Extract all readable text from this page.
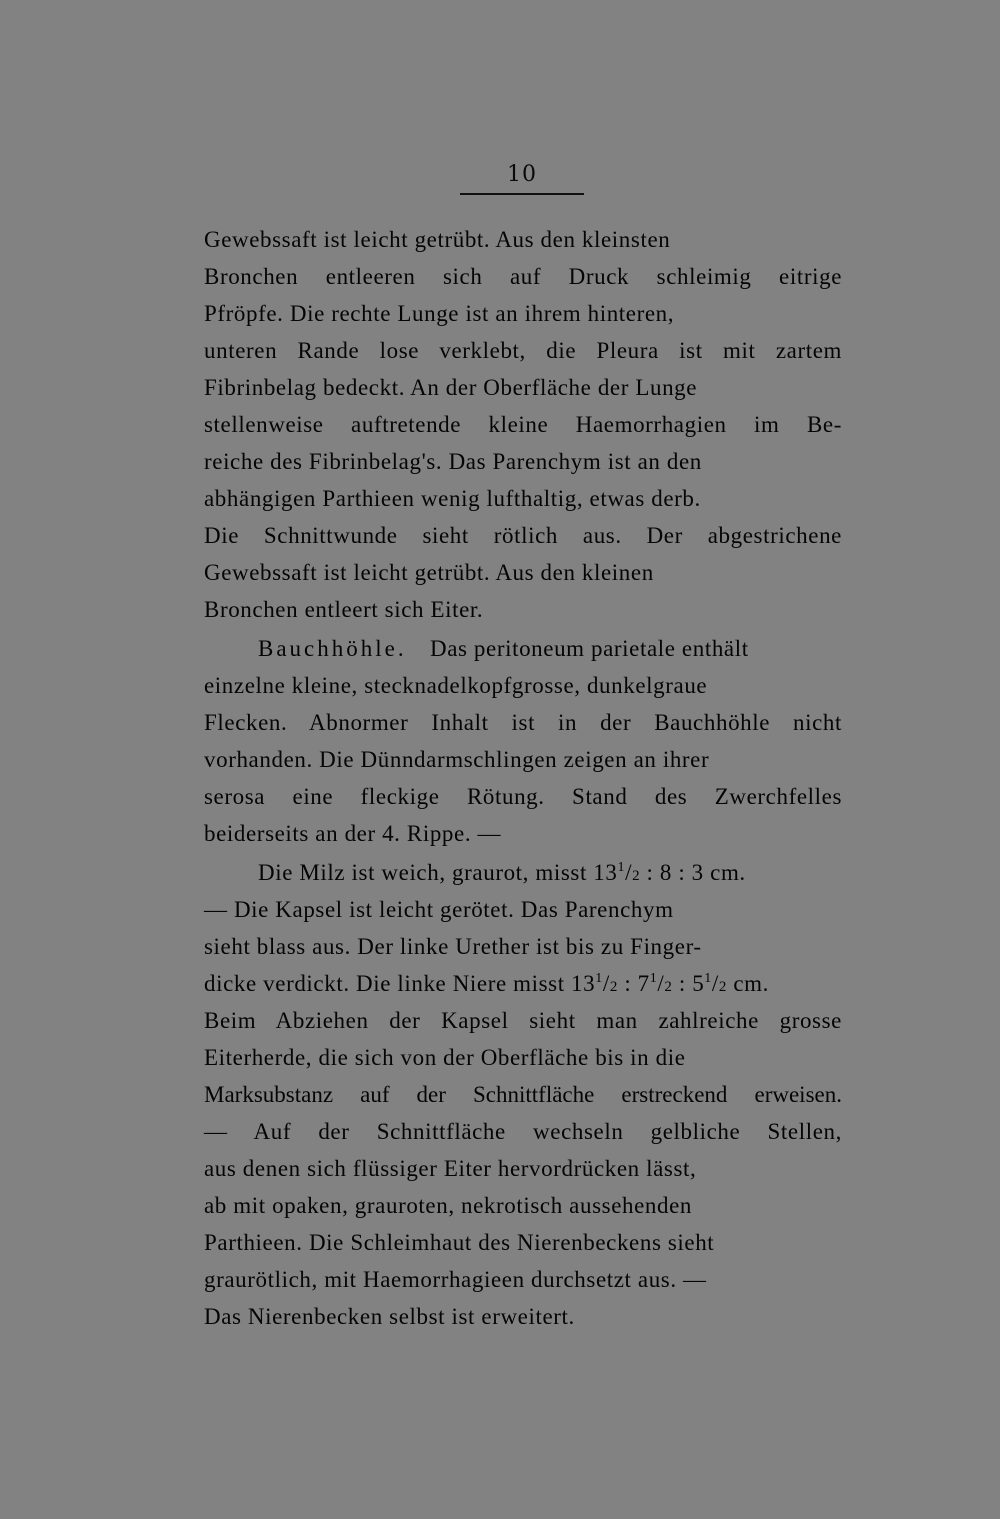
10
Gewebssaft ist leicht getrübt. Aus den kleinsten
Bronchen entleeren sich auf Druck schleimig eitrige
Pfröpfe. Die rechte Lunge ist an ihrem hinteren,
unteren Rande lose verklebt, die Pleura ist mit zartem
Fibrinbelag bedeckt. An der Oberfläche der Lunge
stellenweise auftretende kleine Haemorrhagien im Be-
reiche des Fibrinbelag's. Das Parenchym ist an den
abhängigen Parthieen wenig lufthaltig, etwas derb.
Die Schnittwunde sieht rötlich aus. Der abgestrichene
Gewebssaft ist leicht getrübt. Aus den kleinen
Bronchen entleert sich Eiter.
Bauchhöhle. Das peritoneum parietale enthält
einzelne kleine, stecknadelkopfgrosse, dunkelgraue
Flecken. Abnormer Inhalt ist in der Bauchhöhle nicht
vorhanden. Die Dünndarmschlingen zeigen an ihrer
serosa eine fleckige Rötung. Stand des Zwerchfelles
beiderseits an der 4. Rippe. —
Die Milz ist weich, graurot, misst $13^1/2$ : 8 : 3 cm.
— Die Kapsel ist leicht gerötet. Das Parenchym
sieht blass aus. Der linke Urether ist bis zu Finger-
dicke verdickt. Die linke Niere misst $13^1/2$ : $7^1/2$ : $5^1/2$ cm.
Beim Abziehen der Kapsel sieht man zahlreiche grosse
Eiterherde, die sich von der Oberfläche bis in die
Marksubstanz auf der Schnittfläche erstreckend erweisen.
— Auf der Schnittfläche wechseln gelbliche Stellen,
aus denen sich flüssiger Eiter hervordrücken lässt,
ab mit opaken, grauroten, nekrotisch aussehenden
Parthieen. Die Schleimhaut des Nierenbeckens sieht
graurötlich, mit Haemorrhagieen durchsetzt aus. —
Das Nierenbecken selbst ist erweitert.
